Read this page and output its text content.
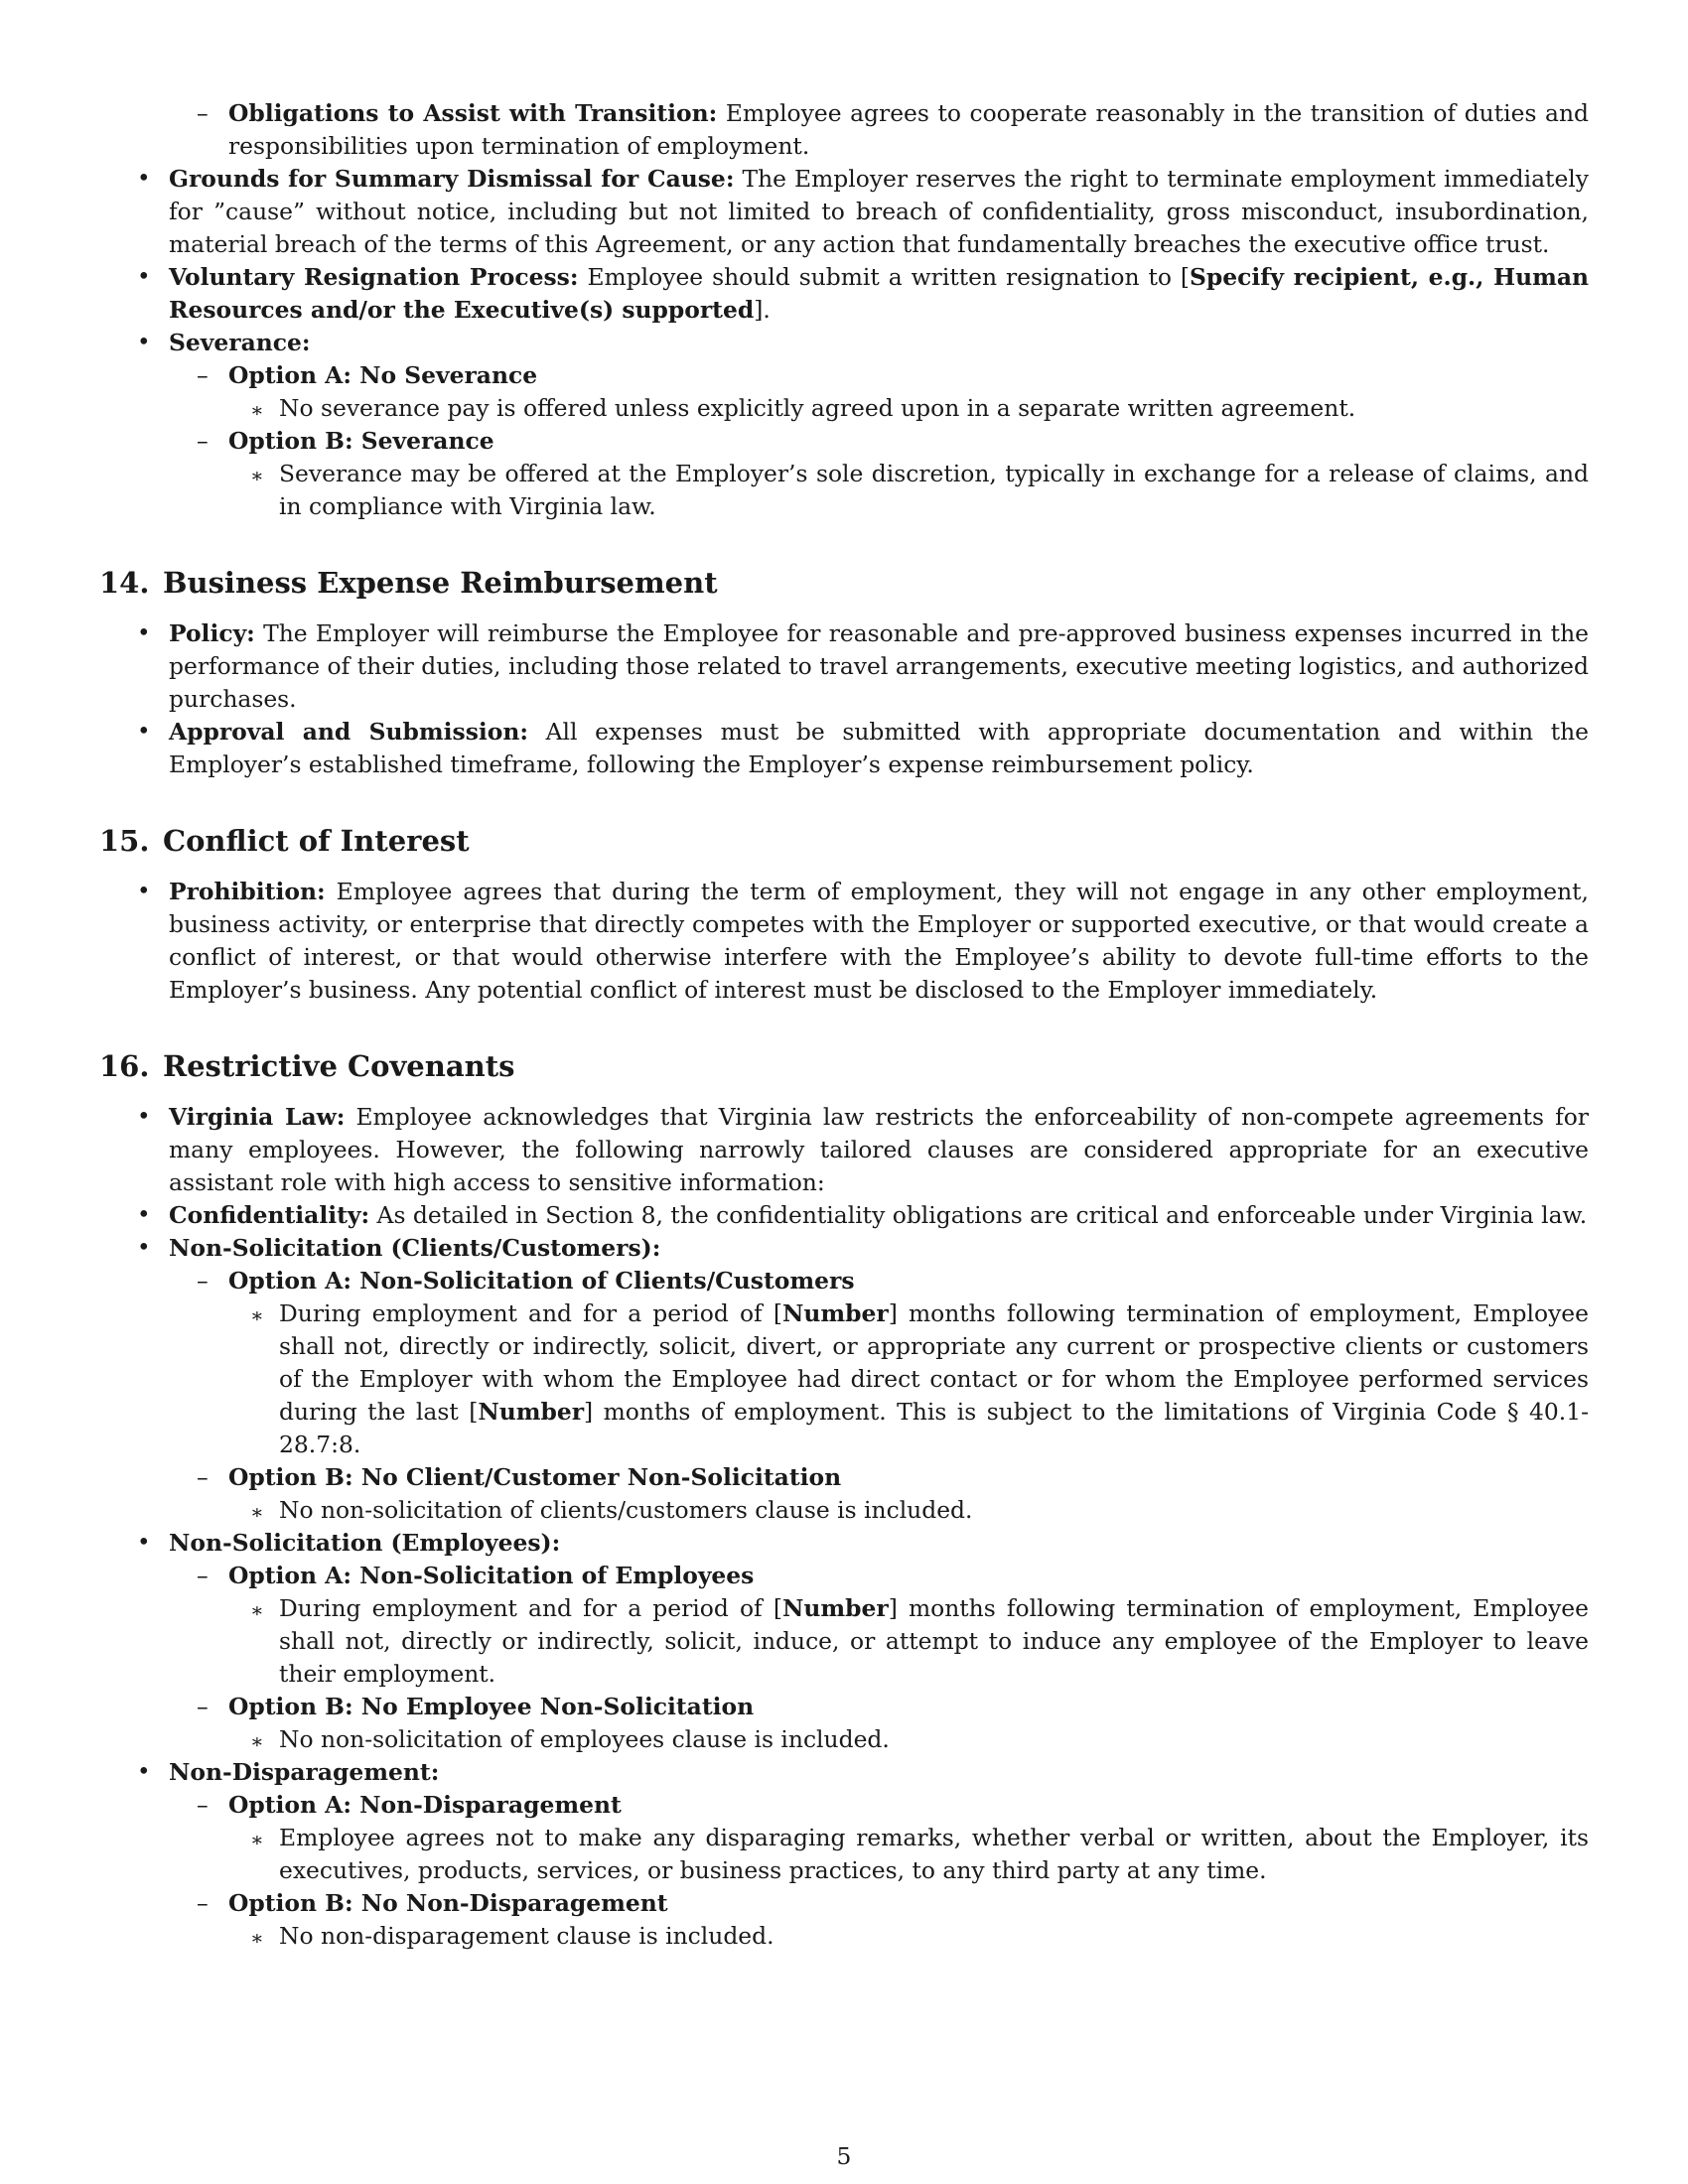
– Obligations to Assist with Transition: Employee agrees to cooperate reasonably in the transition of duties and responsibilities upon termination of employment.

• Grounds for Summary Dismissal for Cause: The Employer reserves the right to terminate employment immediately for ”cause” without notice, including but not limited to breach of confidentiality, gross misconduct, insubordination, material breach of the terms of this Agreement, or any action that fundamentally breaches the executive office trust.

• Voluntary Resignation Process: Employee should submit a written resignation to [Specify recipient, e.g., Human Resources and/or the Executive(s) supported].

• Severance:

– Option A: No Severance

∗ No severance pay is offered unless explicitly agreed upon in a separate written agreement.

– Option B: Severance

∗ Severance may be offered at the Employer’s sole discretion, typically in exchange for a release of claims, and in compliance with Virginia law.

14. Business Expense Reimbursement

• Policy: The Employer will reimburse the Employee for reasonable and pre-approved business expenses incurred in the performance of their duties, including those related to travel arrangements, executive meeting logistics, and authorized purchases.

• Approval and Submission: All expenses must be submitted with appropriate documentation and within the Employer’s established timeframe, following the Employer’s expense reimbursement policy.

15. Conflict of Interest

• Prohibition: Employee agrees that during the term of employment, they will not engage in any other employment, business activity, or enterprise that directly competes with the Employer or supported executive, or that would create a conflict of interest, or that would otherwise interfere with the Employee’s ability to devote full-time efforts to the Employer’s business. Any potential conflict of interest must be disclosed to the Employer immediately.

16. Restrictive Covenants

• Virginia Law: Employee acknowledges that Virginia law restricts the enforceability of non-compete agreements for many employees. However, the following narrowly tailored clauses are considered appropriate for an executive assistant role with high access to sensitive information:

• Confidentiality: As detailed in Section 8, the confidentiality obligations are critical and enforceable under Virginia law.

• Non-Solicitation (Clients/Customers):

– Option A: Non-Solicitation of Clients/Customers

∗ During employment and for a period of [Number] months following termination of employment, Employee shall not, directly or indirectly, solicit, divert, or appropriate any current or prospective clients or customers of the Employer with whom the Employee had direct contact or for whom the Employee performed services during the last [Number] months of employment. This is subject to the limitations of Virginia Code § 40.1-28.7:8.

– Option B: No Client/Customer Non-Solicitation

∗ No non-solicitation of clients/customers clause is included.

• Non-Solicitation (Employees):

– Option A: Non-Solicitation of Employees

∗ During employment and for a period of [Number] months following termination of employment, Employee shall not, directly or indirectly, solicit, induce, or attempt to induce any employee of the Employer to leave their employment.

– Option B: No Employee Non-Solicitation

∗ No non-solicitation of employees clause is included.

• Non-Disparagement:

– Option A: Non-Disparagement

∗ Employee agrees not to make any disparaging remarks, whether verbal or written, about the Employer, its executives, products, services, or business practices, to any third party at any time.

– Option B: No Non-Disparagement

∗ No non-disparagement clause is included.

5
